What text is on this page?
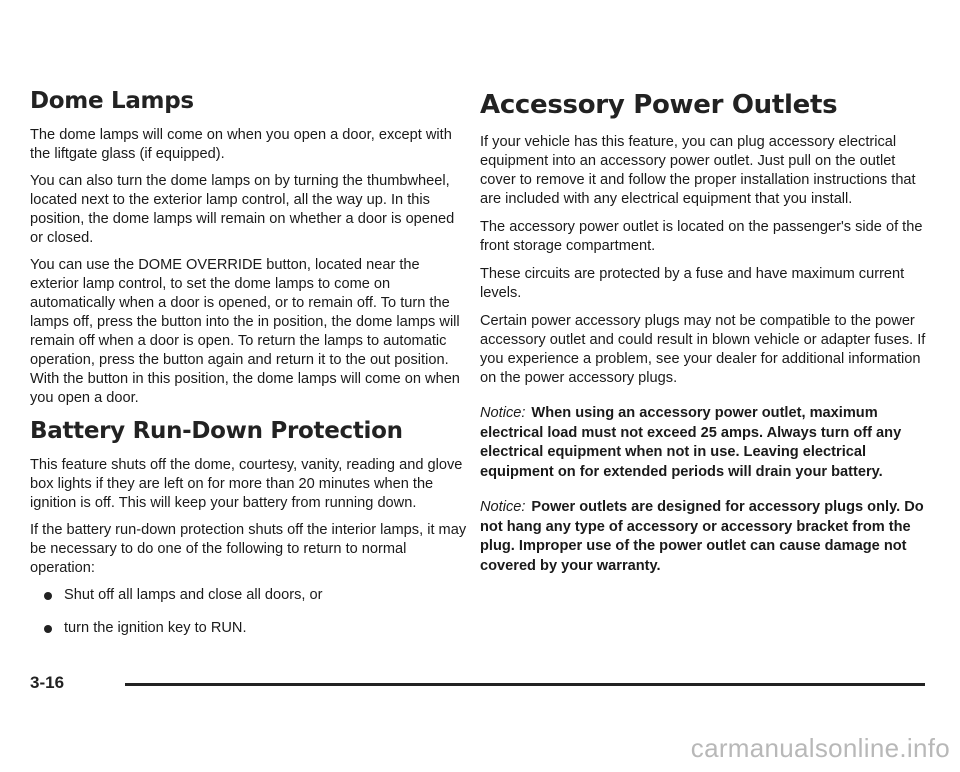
Dome Lamps

The dome lamps will come on when you open a door, except with the liftgate glass (if equipped).

You can also turn the dome lamps on by turning the thumbwheel, located next to the exterior lamp control, all the way up. In this position, the dome lamps will remain on whether a door is opened or closed.

You can use the DOME OVERRIDE button, located near the exterior lamp control, to set the dome lamps to come on automatically when a door is opened, or to remain off. To turn the lamps off, press the button into the in position, the dome lamps will remain off when a door is open. To return the lamps to automatic operation, press the button again and return it to the out position. With the button in this position, the dome lamps will come on when you open a door.

Battery Run-Down Protection

This feature shuts off the dome, courtesy, vanity, reading and glove box lights if they are left on for more than 20 minutes when the ignition is off. This will keep your battery from running down.

If the battery run-down protection shuts off the interior lamps, it may be necessary to do one of the following to return to normal operation:

Shut off all lamps and close all doors, or
turn the ignition key to RUN.
Accessory Power Outlets

If your vehicle has this feature, you can plug accessory electrical equipment into an accessory power outlet. Just pull on the outlet cover to remove it and follow the proper installation instructions that are included with any electrical equipment that you install.

The accessory power outlet is located on the passenger's side of the front storage compartment.

These circuits are protected by a fuse and have maximum current levels.

Certain power accessory plugs may not be compatible to the power accessory outlet and could result in blown vehicle or adapter fuses. If you experience a problem, see your dealer for additional information on the power accessory plugs.

Notice: When using an accessory power outlet, maximum electrical load must not exceed 25 amps. Always turn off any electrical equipment when not in use. Leaving electrical equipment on for extended periods will drain your battery.
Notice: Power outlets are designed for accessory plugs only. Do not hang any type of accessory or accessory bracket from the plug. Improper use of the power outlet can cause damage not covered by your warranty.
3-16
carmanualsonline.info
